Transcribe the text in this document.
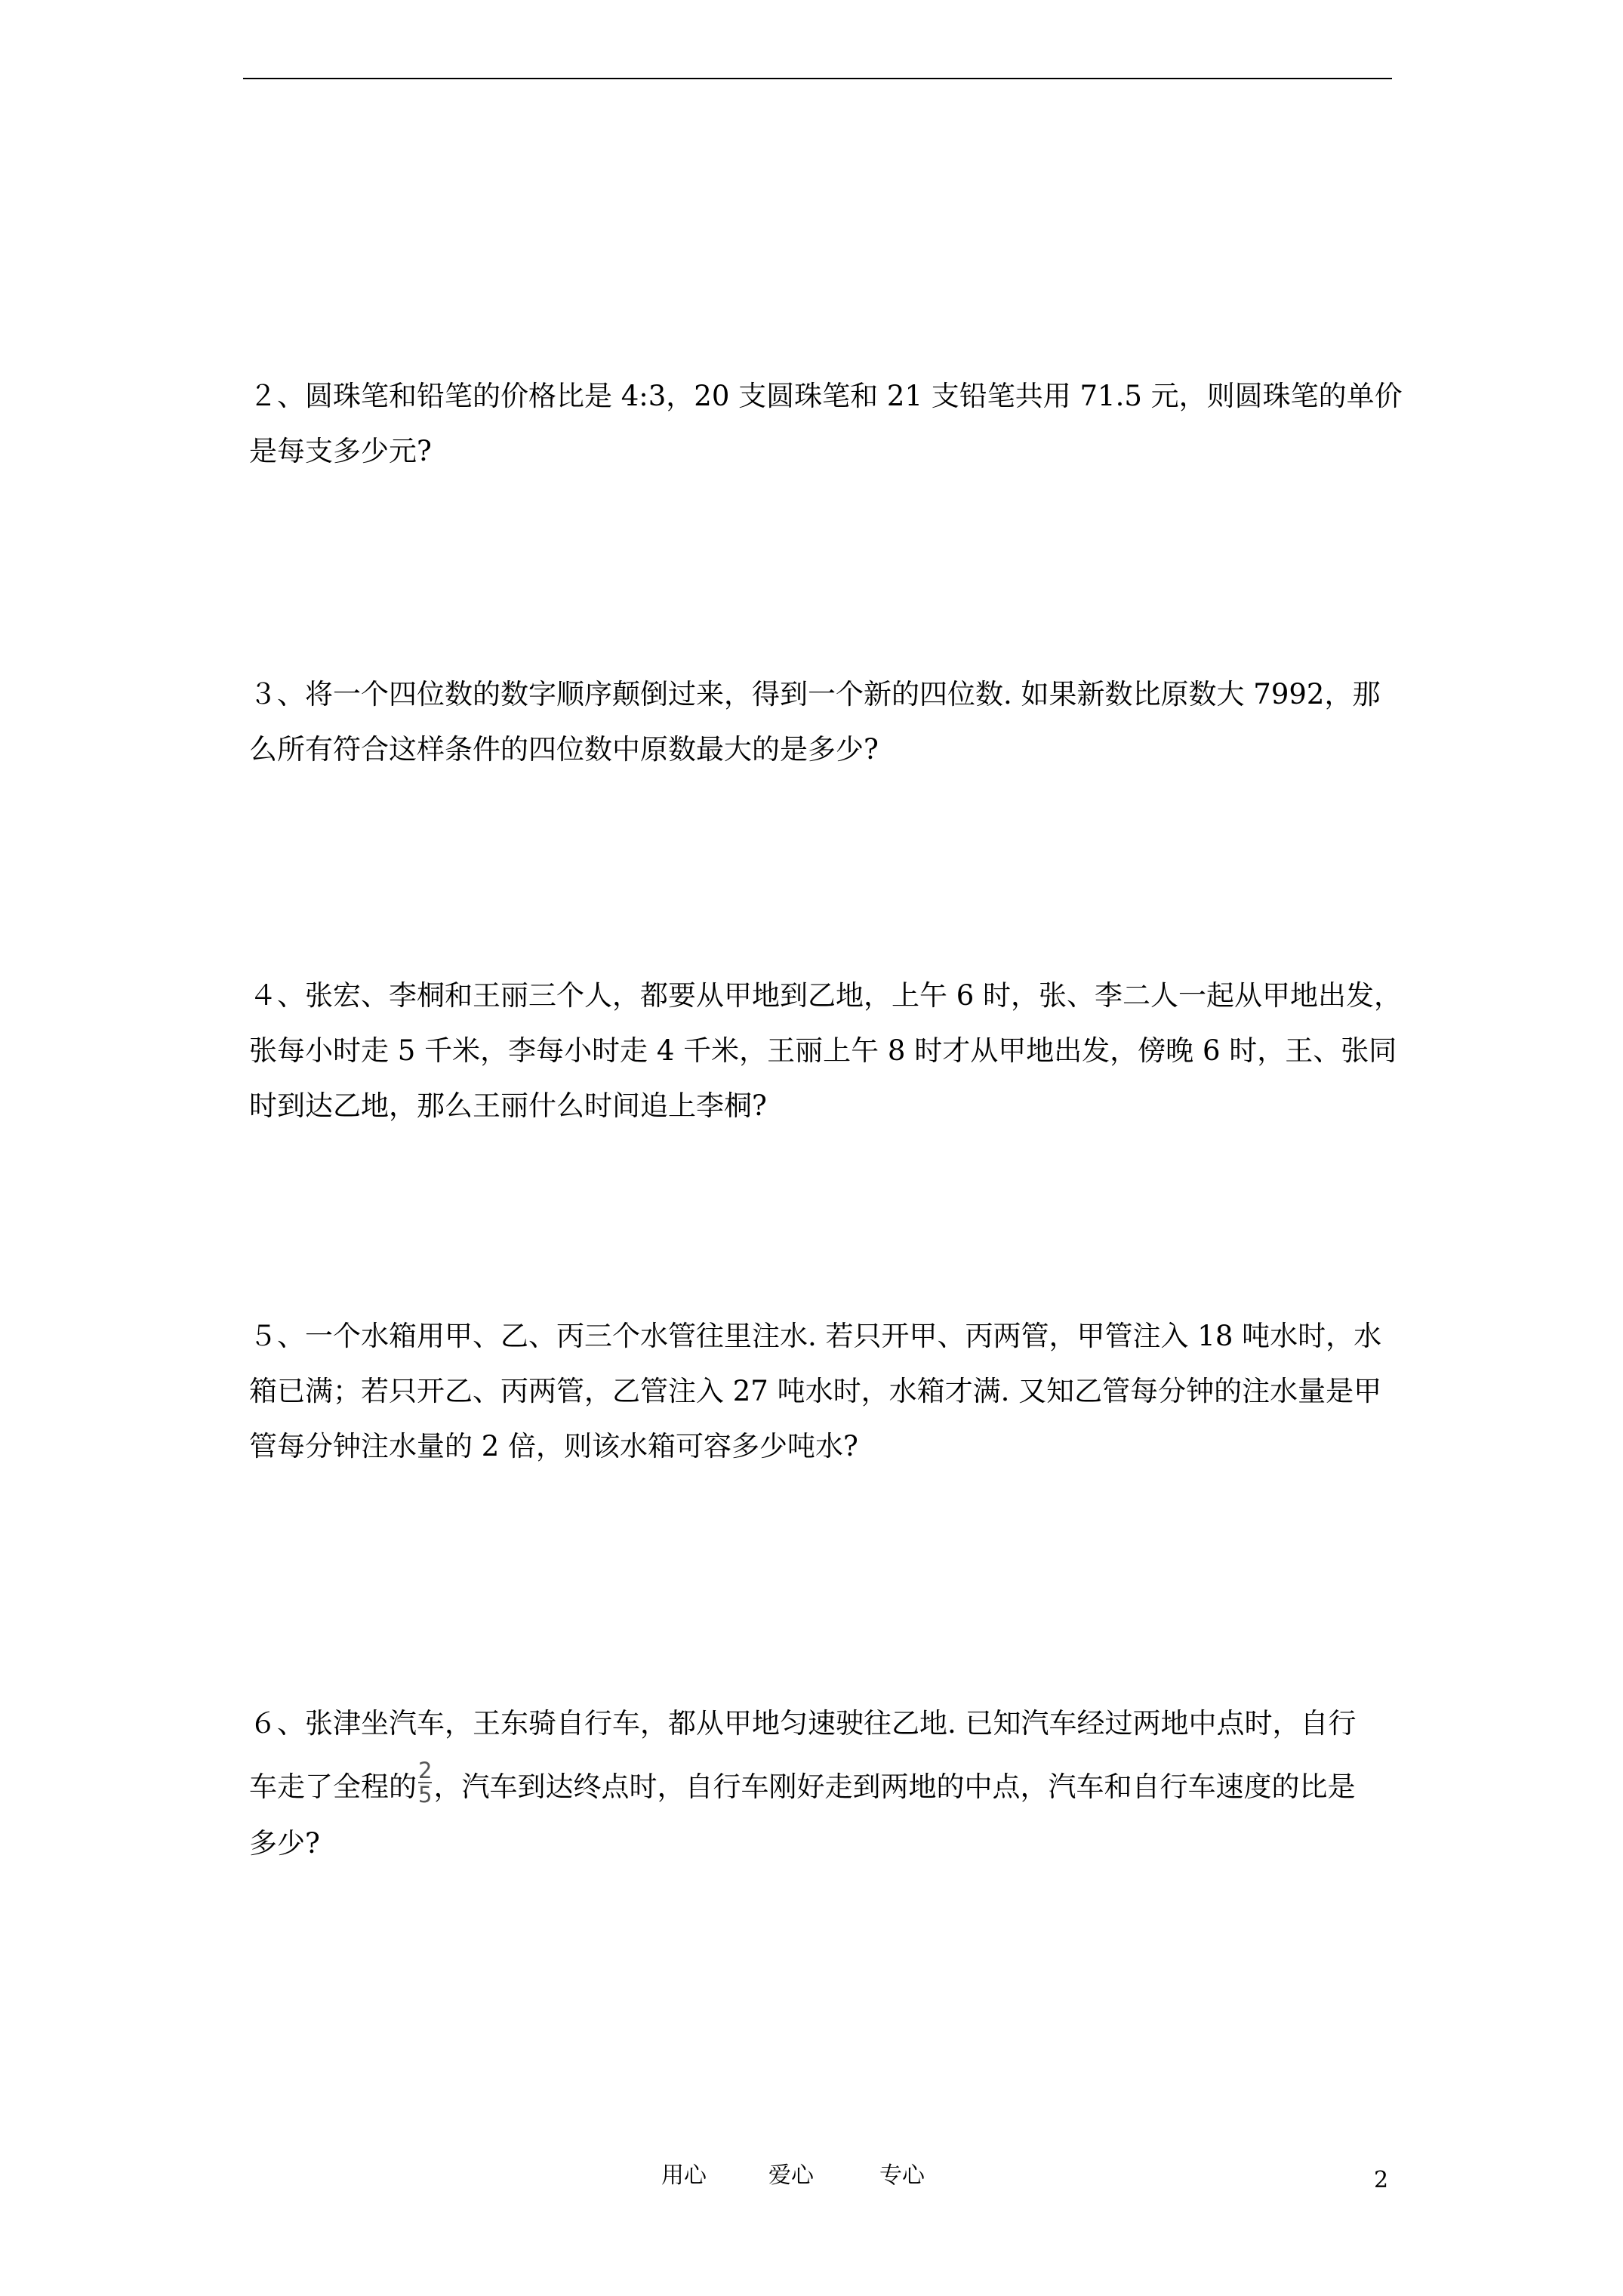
２、圆珠笔和铅笔的价格比是 4:3，20 支圆珠笔和 21 支铅笔共用 71.5 元，则圆珠笔的单价
是每支多少元?
３、将一个四位数的数字顺序颠倒过来，得到一个新的四位数. 如果新数比原数大 7992，那
么所有符合这样条件的四位数中原数最大的是多少?
４、张宏、李桐和王丽三个人，都要从甲地到乙地，上午 6 时，张、李二人一起从甲地出发，
张每小时走 5 千米，李每小时走 4 千米，王丽上午 8 时才从甲地出发，傍晚 6 时，王、张同
时到达乙地，那么王丽什么时间追上李桐?
５、一个水箱用甲、乙、丙三个水管往里注水. 若只开甲、丙两管，甲管注入 18 吨水时，水
箱已满；若只开乙、丙两管，乙管注入 27 吨水时，水箱才满. 又知乙管每分钟的注水量是甲
管每分钟注水量的 2 倍，则该水箱可容多少吨水?
６、张津坐汽车，王东骑自行车，都从甲地匀速驶往乙地. 已知汽车经过两地中点时，自行
车走了全程的 $\frac{2}{5}$ ，汽车到达终点时，自行车刚好走到两地的中点，汽车和自行车速度的比是
多少?
用心	爱心	专心	2
